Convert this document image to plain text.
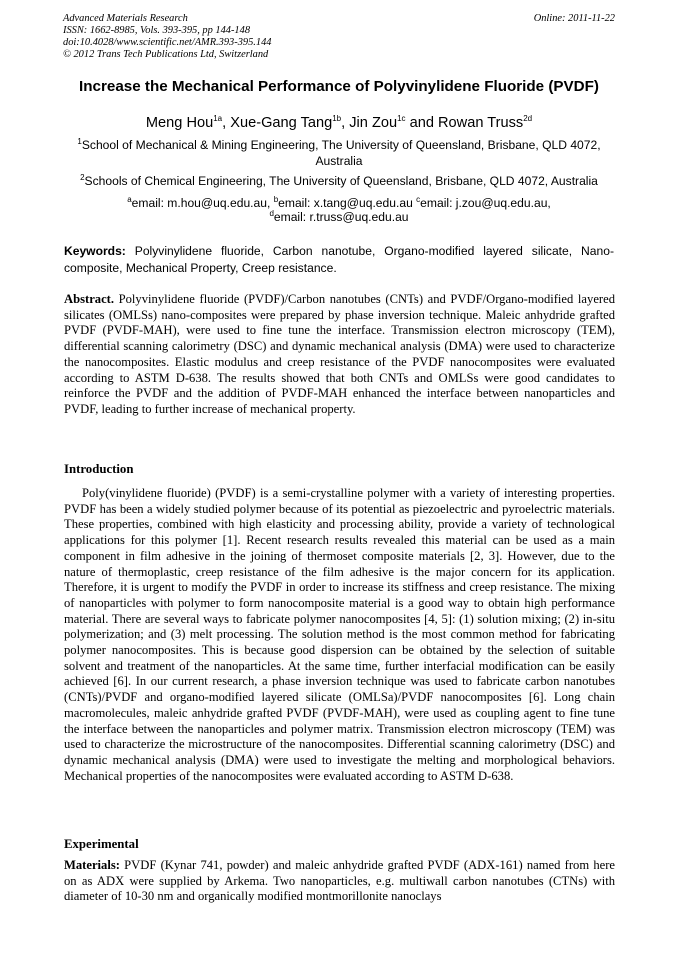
Advanced Materials Research
ISSN: 1662-8985, Vols. 393-395, pp 144-148
doi:10.4028/www.scientific.net/AMR.393-395.144
© 2012 Trans Tech Publications Ltd, Switzerland
Online: 2011-11-22
Increase the Mechanical Performance of Polyvinylidene Fluoride (PVDF)
Meng Hou$^{1a}$, Xue-Gang Tang$^{1b}$, Jin Zou$^{1c}$ and Rowan Truss$^{2d}$
$^1$School of Mechanical & Mining Engineering, The University of Queensland, Brisbane, QLD 4072, Australia
$^2$Schools of Chemical Engineering, The University of Queensland, Brisbane, QLD 4072, Australia
$^a$email: m.hou@uq.edu.au, $^b$email: x.tang@uq.edu.au $^c$email: j.zou@uq.edu.au,
$^d$email: r.truss@uq.edu.au
Keywords: Polyvinylidene fluoride, Carbon nanotube, Organo-modified layered silicate, Nano-composite, Mechanical Property, Creep resistance.
Abstract. Polyvinylidene fluoride (PVDF)/Carbon nanotubes (CNTs) and PVDF/Organo-modified layered silicates (OMLSs) nano-composites were prepared by phase inversion technique. Maleic anhydride grafted PVDF (PVDF-MAH), were used to fine tune the interface. Transmission electron microscopy (TEM), differential scanning calorimetry (DSC) and dynamic mechanical analysis (DMA) were used to characterize the nanocomposites. Elastic modulus and creep resistance of the PVDF nanocomposites were evaluated according to ASTM D-638. The results showed that both CNTs and OMLSs were good candidates to reinforce the PVDF and the addition of PVDF-MAH enhanced the interface between nanoparticles and PVDF, leading to further increase of mechanical property.
Introduction
Poly(vinylidene fluoride) (PVDF) is a semi-crystalline polymer with a variety of interesting properties. PVDF has been a widely studied polymer because of its potential as piezoelectric and pyroelectric materials. These properties, combined with high elasticity and processing ability, provide a variety of technological applications for this polymer [1]. Recent research results revealed this material can be used as a main component in film adhesive in the joining of thermoset composite materials [2, 3]. However, due to the nature of thermoplastic, creep resistance of the film adhesive is the major concern for its application. Therefore, it is urgent to modify the PVDF in order to increase its stiffness and creep resistance. The mixing of nanoparticles with polymer to form nanocomposite material is a good way to obtain high performance material. There are several ways to fabricate polymer nanocomposites [4, 5]: (1) solution mixing; (2) in-situ polymerization; and (3) melt processing. The solution method is the most common method for fabricating polymer nanocomposites. This is because good dispersion can be obtained by the selection of suitable solvent and treatment of the nanoparticles. At the same time, further interfacial modification can be easily achieved [6]. In our current research, a phase inversion technique was used to fabricate carbon nanotubes (CNTs)/PVDF and organo-modified layered silicate (OMLSa)/PVDF nanocomposites [6]. Long chain macromolecules, maleic anhydride grafted PVDF (PVDF-MAH), were used as coupling agent to fine tune the interface between the nanoparticles and polymer matrix. Transmission electron microscopy (TEM) was used to characterize the microstructure of the nanocomposites. Differential scanning calorimetry (DSC) and dynamic mechanical analysis (DMA) were used to investigate the melting and morphological behaviors. Mechanical properties of the nanocomposites were evaluated according to ASTM D-638.
Experimental
Materials: PVDF (Kynar 741, powder) and maleic anhydride grafted PVDF (ADX-161) named from here on as ADX were supplied by Arkema. Two nanoparticles, e.g. multiwall carbon nanotubes (CTNs) with diameter of 10-30 nm and organically modified montmorillonite nanoclays
